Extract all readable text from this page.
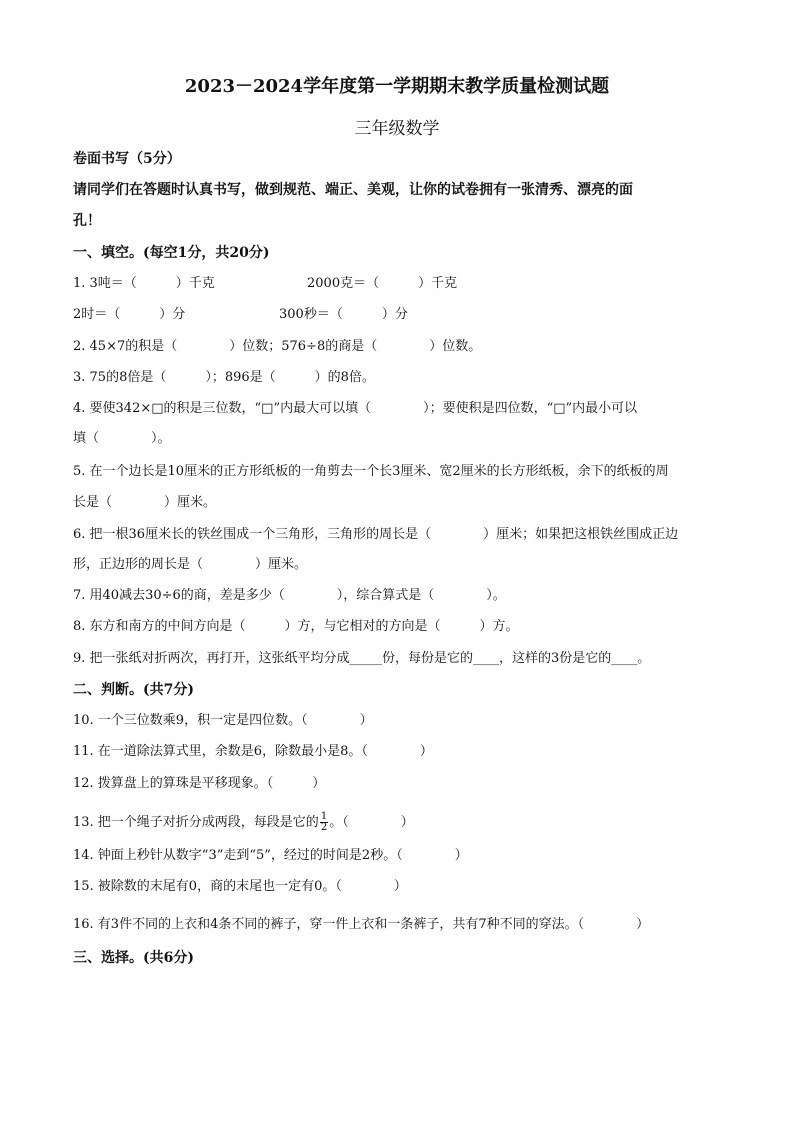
2023－2024学年度第一学期期末教学质量检测试题
三年级数学
卷面书写（5分）
请同学们在答题时认真书写，做到规范、端正、美观，让你的试卷拥有一张清秀、漂亮的面
孔！
一、填空。(每空1分，共20分)
1. 3吨＝（　　　）千克	2000克＝（　　　）千克
2时＝（　　　）分	300秒＝（　　　）分
2. 45×7的积是（　　　　）位数；576÷8的商是（　　　　）位数。
3. 75的8倍是（　　　）；896是（　　　）的8倍。
4. 要使342×□的积是三位数，“□”内最大可以填（　　　　）；要使积是四位数，“□”内最小可以
填（　　　　）。
5. 在一个边长是10厘米的正方形纸板的一角剪去一个长3厘米、宽2厘米的长方形纸板，余下的纸板的周
长是（　　　　）厘米。
6. 把一根36厘米长的铁丝围成一个三角形，三角形的周长是（　　　　）厘米；如果把这根铁丝围成正边
形，正边形的周长是（　　　　）厘米。
7. 用40减去30÷6的商，差是多少（　　　　），综合算式是（　　　　）。
8. 东方和南方的中间方向是（　　　）方，与它相对的方向是（　　　）方。
9. 把一张纸对折两次，再打开，这张纸平均分成_____份，每份是它的____，这样的3份是它的____。
二、判断。(共7分)
10. 一个三位数乘9，积一定是四位数。（　　　　）
11. 在一道除法算式里，余数是6，除数最小是8。（　　　　）
12. 拨算盘上的算珠是平移现象。（　　　）
13. 把一个绳子对折分成两段，每段是它的 $\frac{1}{2}$ 。（　　　　）
14. 钟面上秒针从数字“3”走到“5”，经过的时间是2秒。（　　　　）
15. 被除数的末尾有0，商的末尾也一定有0。（　　　　）
16. 有3件不同的上衣和4条不同的裤子，穿一件上衣和一条裤子，共有7种不同的穿法。（　　　　）
三、选择。(共6分)
